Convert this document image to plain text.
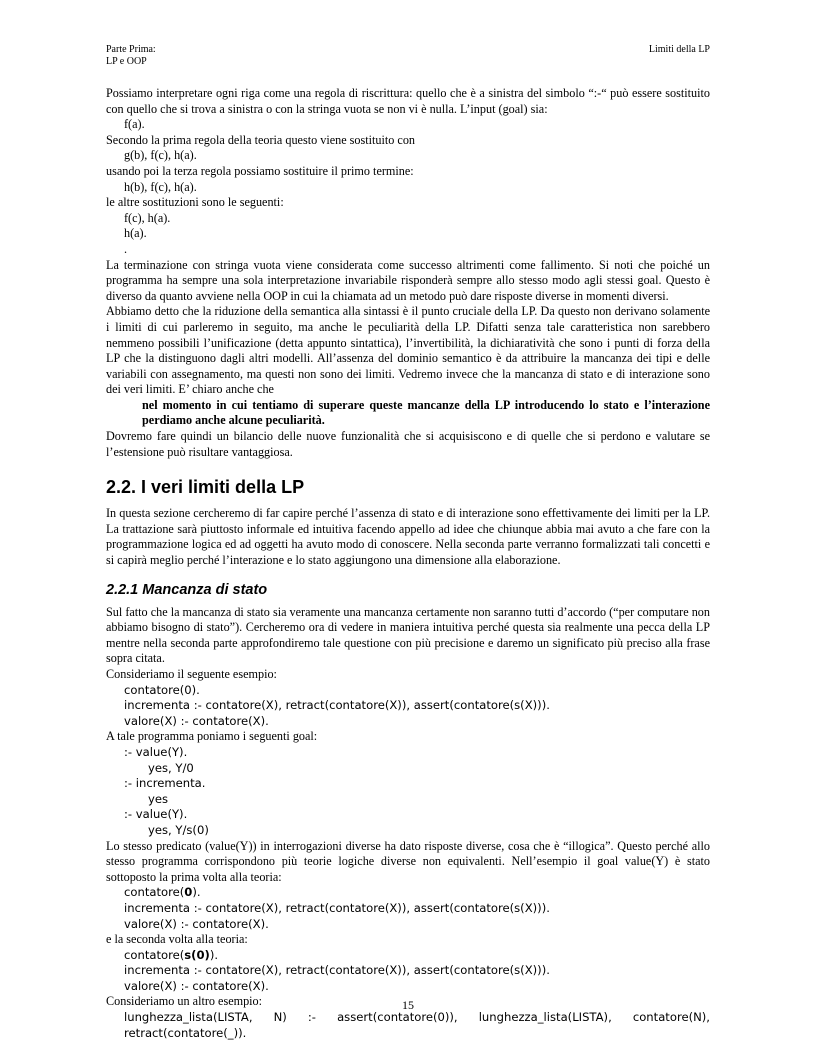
Parte Prima:
LP e OOP
Limiti della LP

Possiamo interpretare ogni riga come una regola di riscrittura: quello che è a sinistra del simbolo “:-“ può essere sostituito con quello che si trova a sinistra o con la stringa vuota se non vi è nulla. L’input (goal) sia:

f(a).

Secondo la prima regola della teoria questo viene sostituito con

g(b), f(c), h(a).

usando poi la terza regola possiamo sostituire il primo termine:

h(b), f(c), h(a).

le altre sostituzioni sono le seguenti:

f(c), h(a).
h(a).
.

La terminazione con stringa vuota viene considerata come successo altrimenti come fallimento. Si noti che poiché un programma ha sempre una sola interpretazione invariabile risponderà sempre allo stesso modo agli stessi goal. Questo è diverso da quanto avviene nella OOP in cui la chiamata ad un metodo può dare risposte diverse in momenti diversi.

Abbiamo detto che la riduzione della semantica alla sintassi è il punto cruciale della LP. Da questo non derivano solamente i limiti di cui parleremo in seguito, ma anche le peculiarità della LP. Difatti senza tale caratteristica non sarebbero nemmeno possibili l’unificazione (detta appunto sintattica), l’invertibilità, la dichiaratività che sono i punti di forza della LP che la distinguono dagli altri modelli. All’assenza del dominio semantico è da attribuire la mancanza dei tipi e delle variabili con assegnamento, ma questi non sono dei limiti. Vedremo invece che la mancanza di stato e di interazione sono dei veri limiti. E’ chiaro anche che

nel momento in cui tentiamo di superare queste mancanze della LP introducendo lo stato e l’interazione perdiamo anche alcune peculiarità.

Dovremo fare quindi un bilancio delle nuove funzionalità che si acquisiscono e di quelle che si perdono e valutare se l’estensione può risultare vantaggiosa.

2.2. I veri limiti della LP

In questa sezione cercheremo di far capire perché l’assenza di stato e di interazione sono effettivamente dei limiti per la LP. La trattazione sarà piuttosto informale ed intuitiva facendo appello ad idee che chiunque abbia mai avuto a che fare con la programmazione logica ed ad oggetti ha avuto modo di conoscere. Nella seconda parte verranno formalizzati tali concetti e si capirà meglio perché l’interazione e lo stato aggiungono una dimensione alla elaborazione.

2.2.1 Mancanza di stato

Sul fatto che la mancanza di stato sia veramente una mancanza certamente non saranno tutti d’accordo (“per computare non abbiamo bisogno di stato”). Cercheremo ora di vedere in maniera intuitiva perché questa sia realmente una pecca della LP mentre nella seconda parte approfondiremo tale questione con più precisione e daremo un significato più preciso alla frase sopra citata.

Consideriamo il seguente esempio:

contatore(0).
incrementa :- contatore(X), retract(contatore(X)), assert(contatore(s(X))).
valore(X) :- contatore(X).

A tale programma poniamo i seguenti goal:

:- value(Y).
yes, Y/0
:- incrementa.
yes
:- value(Y).
yes, Y/s(0)

Lo stesso predicato (value(Y)) in interrogazioni diverse ha dato risposte diverse, cosa che è “illogica”. Questo perché allo stesso programma corrispondono più teorie logiche diverse non equivalenti. Nell’esempio il goal value(Y) è stato sottoposto la prima volta alla teoria:

contatore(0).
incrementa :- contatore(X), retract(contatore(X)), assert(contatore(s(X))).
valore(X) :- contatore(X).

e la seconda volta alla teoria:

contatore(s(0)).
incrementa :- contatore(X), retract(contatore(X)), assert(contatore(s(X))).
valore(X) :- contatore(X).

Consideriamo un altro esempio:

lunghezza_lista(LISTA, N) :- assert(contatore(0)), lunghezza_lista(LISTA), contatore(N), retract(contatore(_)).

15
